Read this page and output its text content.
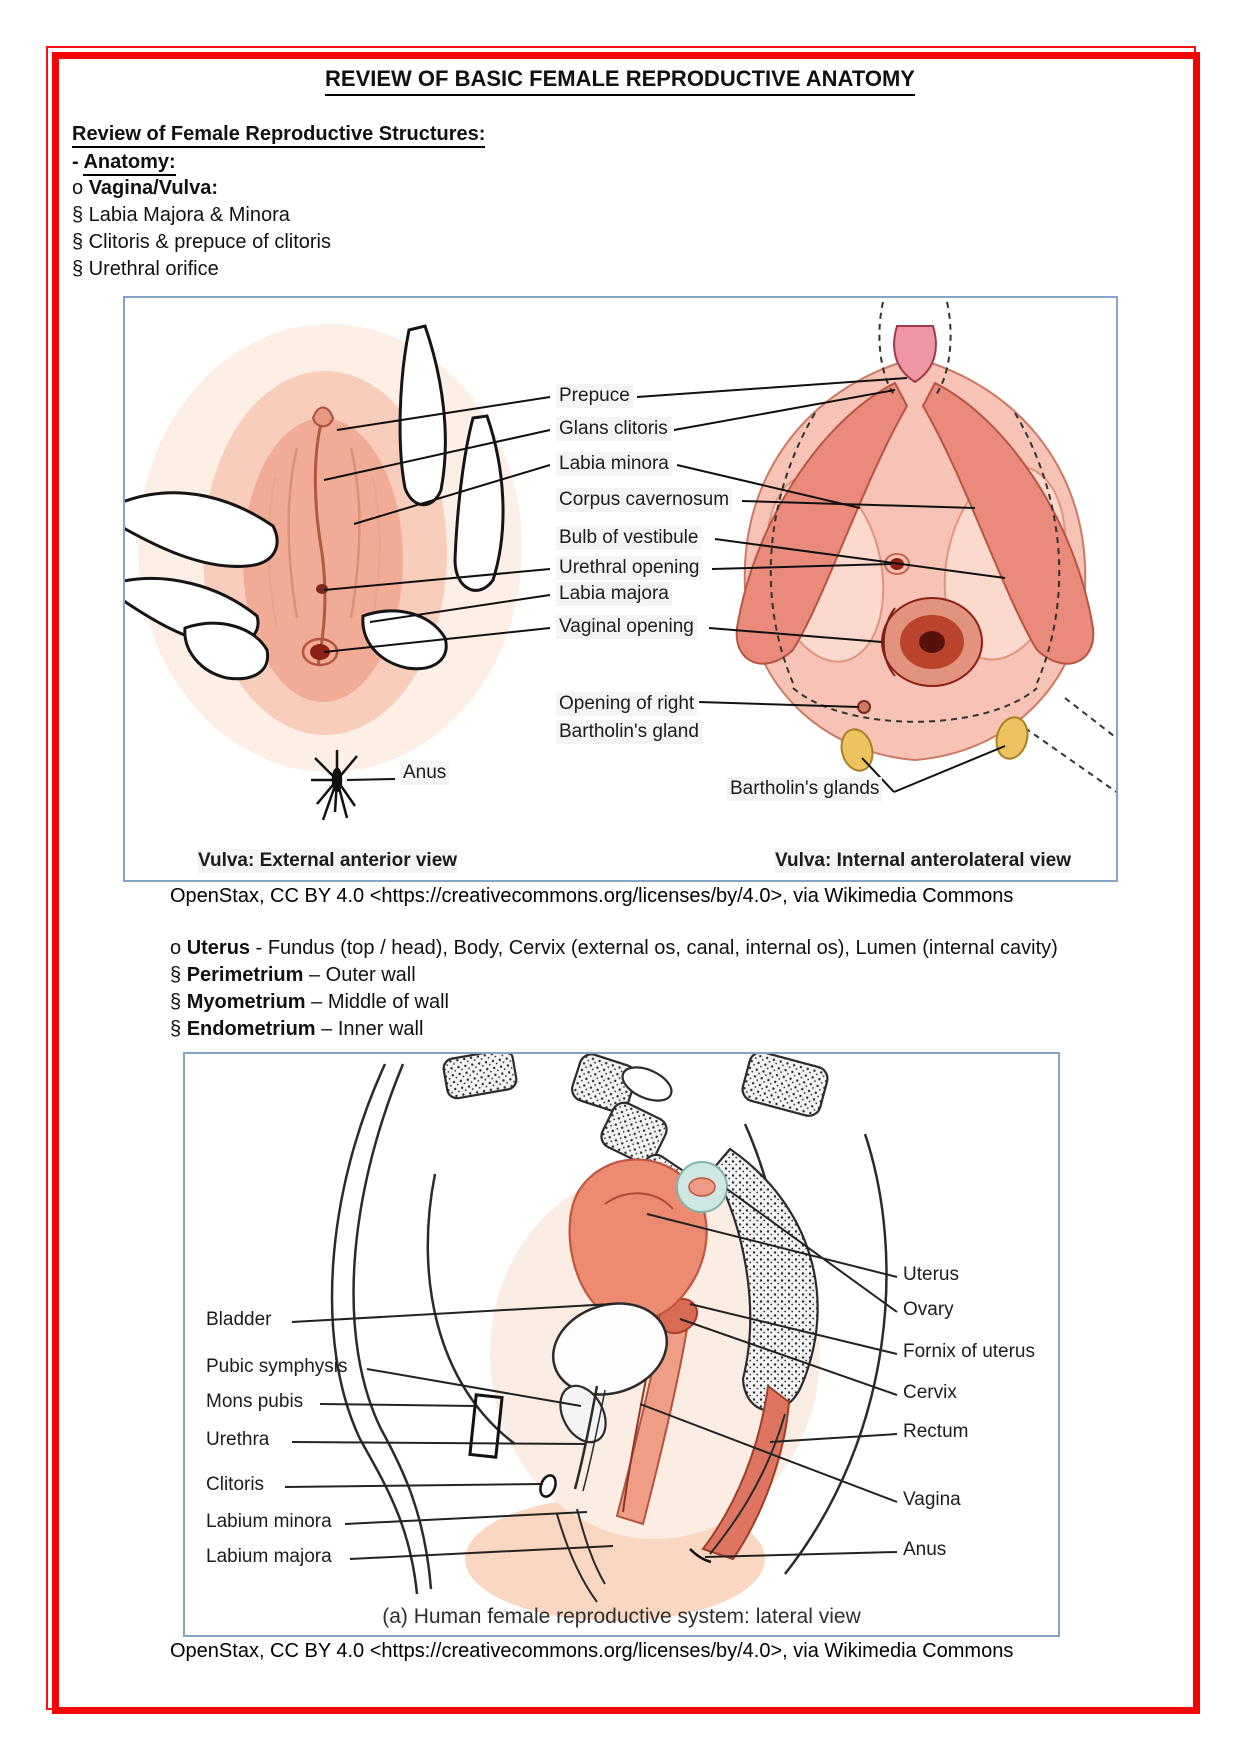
REVIEW OF BASIC FEMALE REPRODUCTIVE ANATOMY
Review of Female Reproductive Structures:
- Anatomy:
o Vagina/Vulva:
§ Labia Majora & Minora
§ Clitoris & prepuce of clitoris
§ Urethral orifice
Prepuce
Glans clitoris
Labia minora
Corpus cavernosum
Bulb of vestibule
Urethral opening
Labia majora
Vaginal opening
Opening of right
Bartholin's gland
Anus
Bartholin's glands
Vulva: External anterior view	Vulva: Internal anterolateral view
OpenStax, CC BY 4.0 <https://creativecommons.org/licenses/by/4.0>, via Wikimedia Commons
o Uterus - Fundus (top / head), Body, Cervix (external os, canal, internal os), Lumen (internal cavity)
§ Perimetrium – Outer wall
§ Myometrium – Middle of wall
§ Endometrium – Inner wall
Bladder
Pubic symphysis
Mons pubis
Urethra
Clitoris
Labium minora
Labium majora
Uterus
Ovary
Fornix of uterus
Cervix
Rectum
Vagina
Anus
(a) Human female reproductive system: lateral view
OpenStax, CC BY 4.0 <https://creativecommons.org/licenses/by/4.0>, via Wikimedia Commons
